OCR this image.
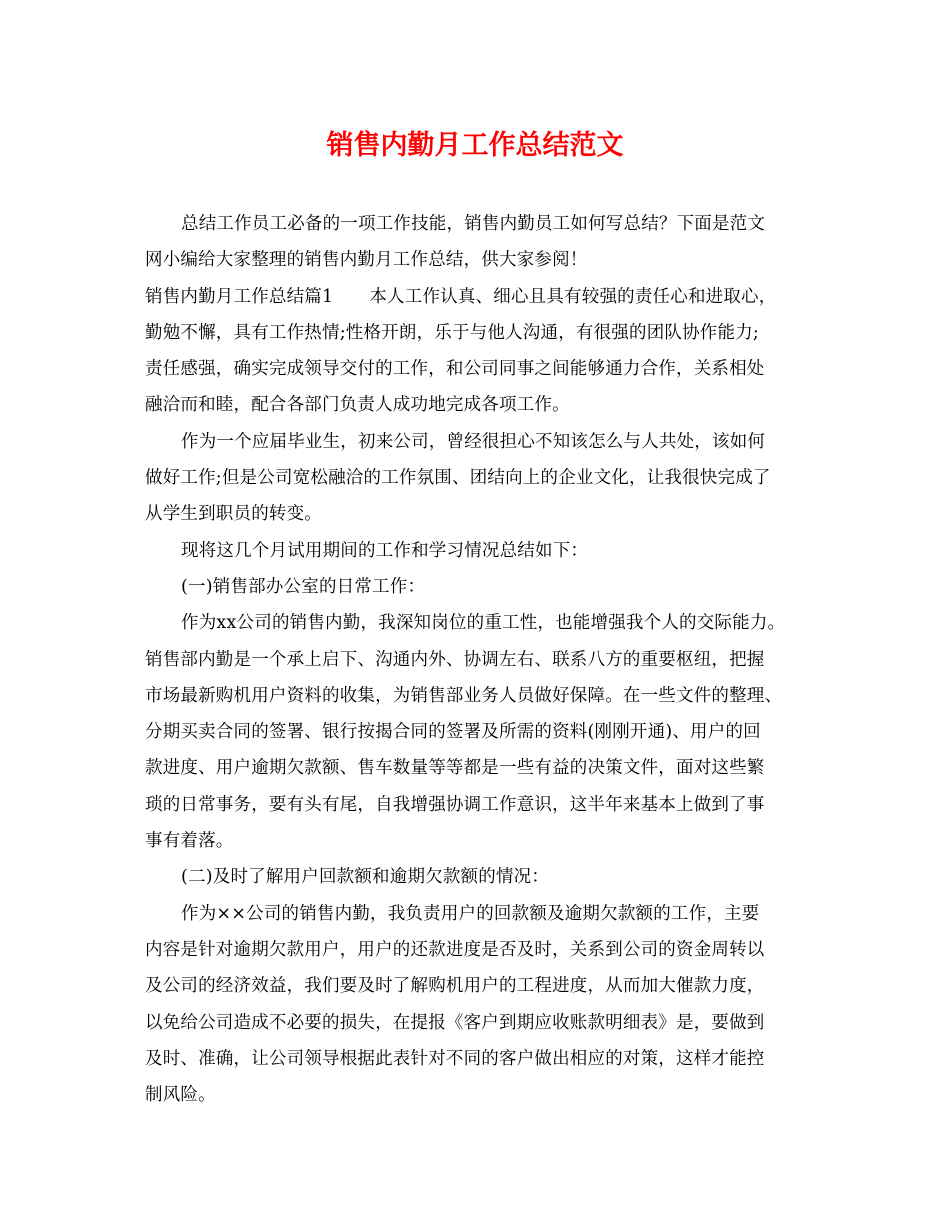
销售内勤月工作总结范文
总结工作员工必备的一项工作技能，销售内勤员工如何写总结？下面是范文
网小编给大家整理的销售内勤月工作总结，供大家参阅！
销售内勤月工作总结篇1 本人工作认真、细心且具有较强的责任心和进取心，
勤勉不懈，具有工作热情;性格开朗，乐于与他人沟通，有很强的团队协作能力;
责任感强，确实完成领导交付的工作，和公司同事之间能够通力合作，关系相处
融洽而和睦，配合各部门负责人成功地完成各项工作。
作为一个应届毕业生，初来公司，曾经很担心不知该怎么与人共处，该如何
做好工作;但是公司宽松融洽的工作氛围、团结向上的企业文化，让我很快完成了
从学生到职员的转变。
现将这几个月试用期间的工作和学习情况总结如下：
(一)销售部办公室的日常工作：
作为xx公司的销售内勤，我深知岗位的重工性，也能增强我个人的交际能力。
销售部内勤是一个承上启下、沟通内外、协调左右、联系八方的重要枢纽，把握
市场最新购机用户资料的收集，为销售部业务人员做好保障。在一些文件的整理、
分期买卖合同的签署、银行按揭合同的签署及所需的资料(刚刚开通)、用户的回
款进度、用户逾期欠款额、售车数量等等都是一些有益的决策文件，面对这些繁
琐的日常事务，要有头有尾，自我增强协调工作意识，这半年来基本上做到了事
事有着落。
(二)及时了解用户回款额和逾期欠款额的情况：
作为××公司的销售内勤，我负责用户的回款额及逾期欠款额的工作，主要
内容是针对逾期欠款用户，用户的还款进度是否及时，关系到公司的资金周转以
及公司的经济效益，我们要及时了解购机用户的工程进度，从而加大催款力度，
以免给公司造成不必要的损失，在提报《客户到期应收账款明细表》是，要做到
及时、准确，让公司领导根据此表针对不同的客户做出相应的对策，这样才能控
制风险。
